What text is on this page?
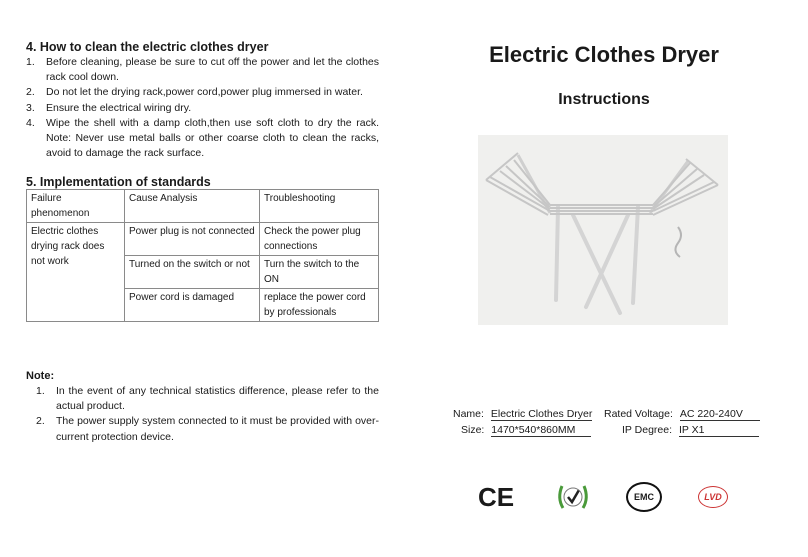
4. How to clean the electric clothes dryer
1.	Before cleaning, please be sure to cut off the power and let the clothes rack cool down.
2.	Do not let the drying rack,power cord,power plug immersed in water.
3.	Ensure the electrical wiring dry.
4.	Wipe the shell with a damp cloth,then use soft cloth to dry the rack. Note: Never use metal balls or other coarse cloth to clean the racks, avoid to damage the rack surface.
5. Implementation of standards
Failure phenomenon	Cause Analysis	Troubleshooting
Electric clothes drying rack does not work	Power plug is not connected	Check the power plug connections
	Turned on the switch or not	Turn the switch to the ON
	Power cord is damaged	replace the power cord by professionals
Note:
1.	In the event of any technical statistics difference, please refer to the actual product.
2.	The power supply system connected to it must be provided with over-current protection device.
Electric Clothes Dryer
Instructions
Name: Electric Clothes Dryer Rated Voltage: AC 220-240V
Size: 1470*540*860MM	IP Degree: IP X1
CE	EMC	LVD
